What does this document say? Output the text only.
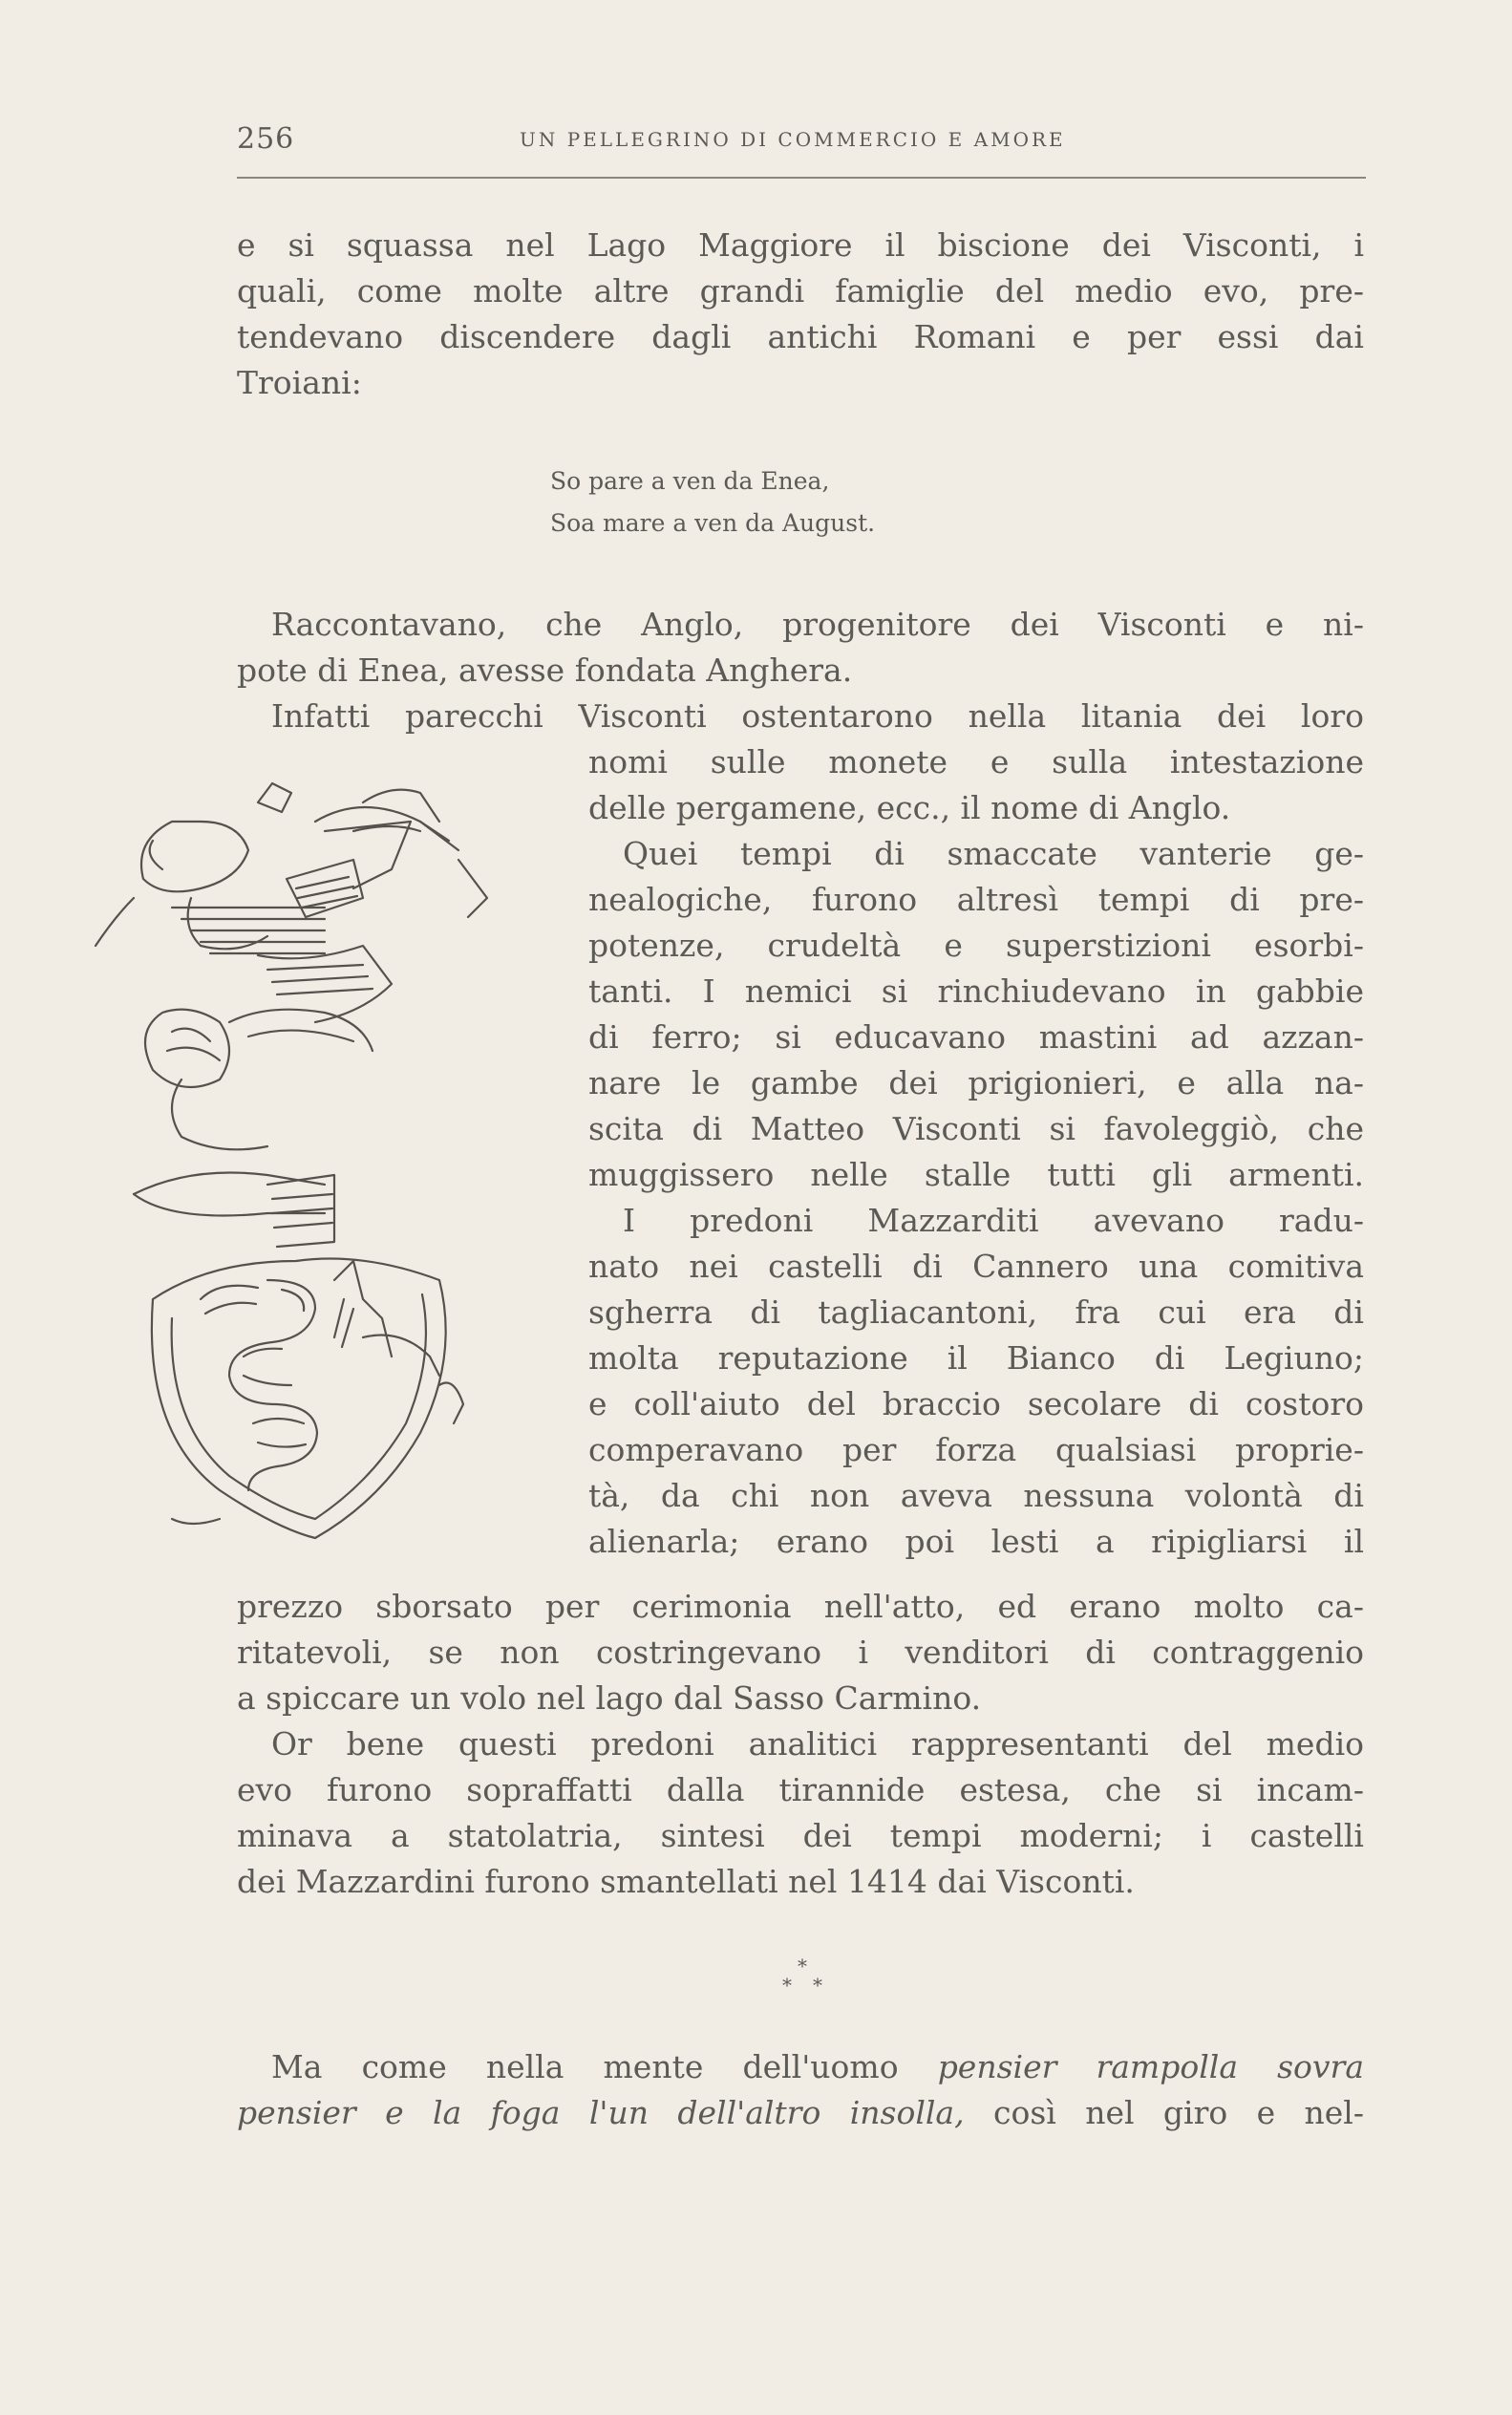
256	UN PELLEGRINO DI COMMERCIO E AMORE
e si squassa nel Lago Maggiore il biscione dei Visconti, i
quali, come molte altre grandi famiglie del medio evo, pre-
tendevano discendere dagli antichi Romani e per essi dai
Troiani:
So pare a ven da Enea,
Soa mare a ven da August.
Raccontavano, che Anglo, progenitore dei Visconti e ni-
pote di Enea, avesse fondata Anghera.
Infatti parecchi Visconti ostentarono nella litania dei loro
nomi sulle monete e sulla intestazione
delle pergamene, ecc., il nome di Anglo.
Quei tempi di smaccate vanterie ge-
nealogiche, furono altresì tempi di pre-
potenze, crudeltà e superstizioni esorbi-
tanti. I nemici si rinchiudevano in gabbie
di ferro; si educavano mastini ad azzan-
nare le gambe dei prigionieri, e alla na-
scita di Matteo Visconti si favoleggiò, che
muggissero nelle stalle tutti gli armenti.
I predoni Mazzarditi avevano radu-
nato nei castelli di Cannero una comitiva
sgherra di tagliacantoni, fra cui era di
molta reputazione il Bianco di Legiuno;
e coll'aiuto del braccio secolare di costoro
comperavano per forza qualsiasi proprie-
tà, da chi non aveva nessuna volontà di
alienarla; erano poi lesti a ripigliarsi il
prezzo sborsato per cerimonia nell'atto, ed erano molto ca-
ritatevoli, se non costringevano i venditori di contraggenio
a spiccare un volo nel lago dal Sasso Carmino.
Or bene questi predoni analitici rappresentanti del medio
evo furono sopraffatti dalla tirannide estesa, che si incam-
minava a statolatria, sintesi dei tempi moderni; i castelli
dei Mazzardini furono smantellati nel 1414 dai Visconti.
*
* *
Ma come nella mente dell'uomo pensier rampolla sovra
pensier e la foga l'un dell'altro insolla, così nel giro e nel-
